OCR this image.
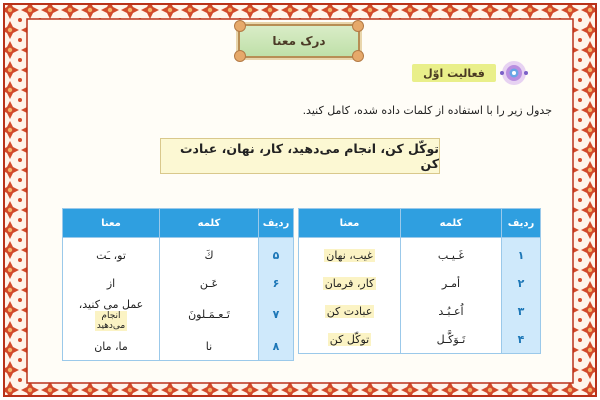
درک معنا
فعالیت اوّل
جدول زیر را با استفاده از کلمات داده شده، کامل کنید.
توکّل کن، انجام می‌دهید، کار، نهان، عبادت کن
ردیف	کلمه	معنا
۱	غَـیـب	غیب، نهان
۲	أمـر	کار، فرمان
۳	اُعـبُـد	عبادت کن
۴	تَـوَکَّـل	توکّل کن
ردیف	کلمه	معنا
۵	كَ	تو، ـَت
۶	عَـن	از
۷	تَـعـمَـلونَ	عمل می کنید، انجام
می‌دهید
۸	نا	ما، مان
